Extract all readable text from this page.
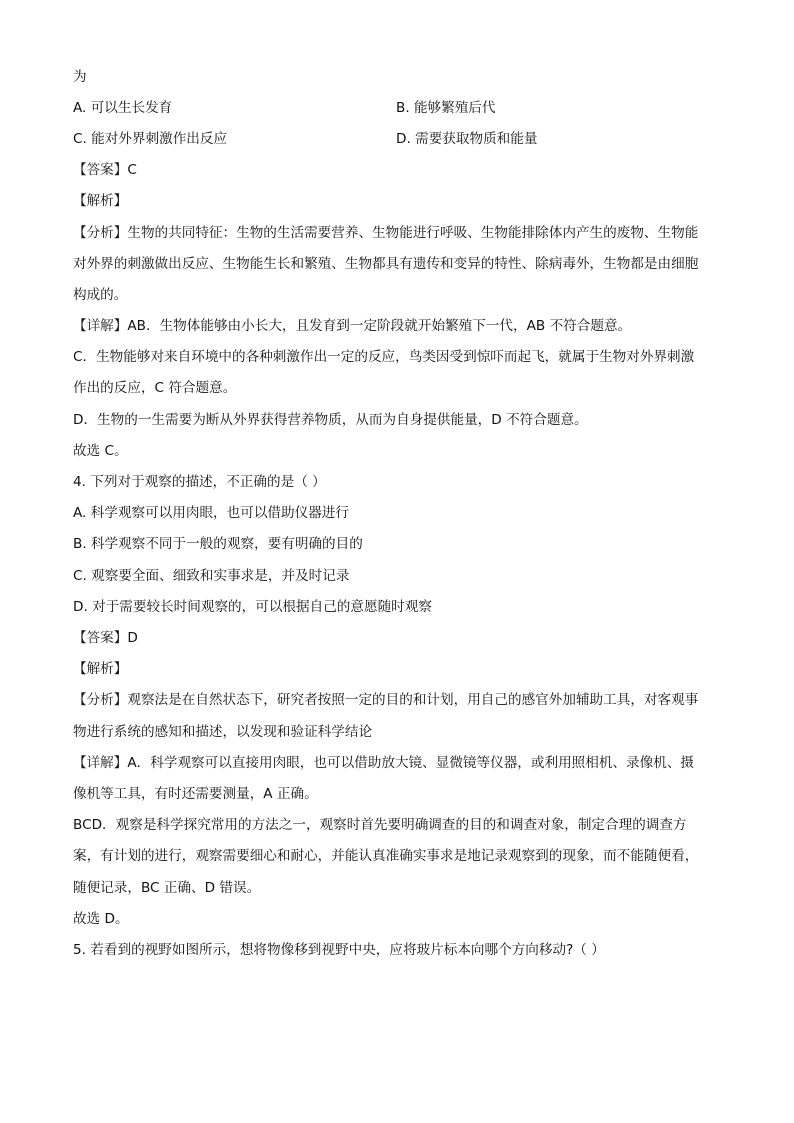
为
A. 可以生长发育	B. 能够繁殖后代
C. 能对外界刺激作出反应	D. 需要获取物质和能量
【答案】C
【解析】
【分析】生物的共同特征：生物的生活需要营养、生物能进行呼吸、生物能排除体内产生的废物、生物能
对外界的刺激做出反应、生物能生长和繁殖、生物都具有遗传和变异的特性、除病毒外，生物都是由细胞
构成的。
【详解】AB．生物体能够由小长大，且发育到一定阶段就开始繁殖下一代，AB 不符合题意。
C．生物能够对来自环境中的各种刺激作出一定的反应，鸟类因受到惊吓而起飞，就属于生物对外界刺激
作出的反应，C 符合题意。
D．生物的一生需要为断从外界获得营养物质，从而为自身提供能量，D 不符合题意。
故选 C。
4. 下列对于观察的描述，不正确的是（ ）
A. 科学观察可以用肉眼，也可以借助仪器进行
B. 科学观察不同于一般的观察，要有明确的目的
C. 观察要全面、细致和实事求是，并及时记录
D. 对于需要较长时间观察的，可以根据自己的意愿随时观察
【答案】D
【解析】
【分析】观察法是在自然状态下，研究者按照一定的目的和计划，用自己的感官外加辅助工具，对客观事
物进行系统的感知和描述，以发现和验证科学结论
【详解】A．科学观察可以直接用肉眼，也可以借助放大镜、显微镜等仪器，或利用照相机、录像机、摄
像机等工具，有时还需要测量，A 正确。
BCD．观察是科学探究常用的方法之一，观察时首先要明确调查的目的和调查对象，制定合理的调查方
案，有计划的进行，观察需要细心和耐心，并能认真准确实事求是地记录观察到的现象，而不能随便看，
随便记录，BC 正确、D 错误。
故选 D。
5. 若看到的视野如图所示，想将物像移到视野中央，应将玻片标本向哪个方向移动?（ ）
